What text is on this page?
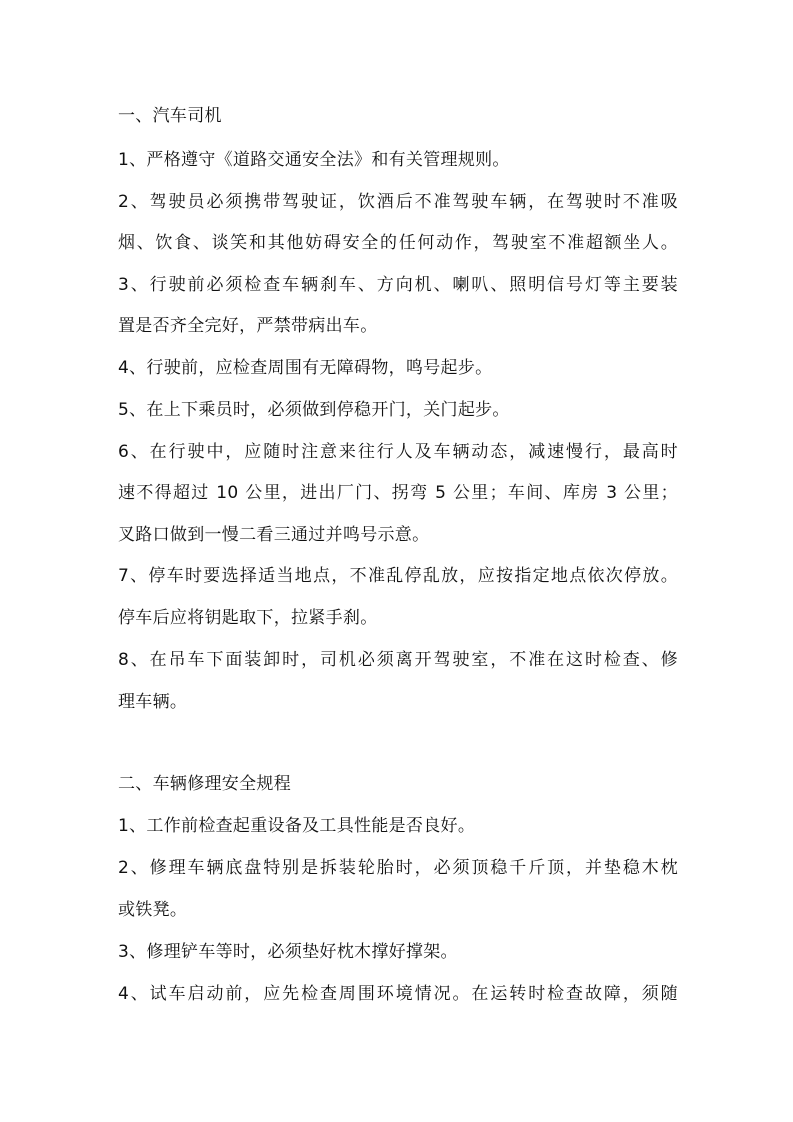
一、汽车司机
1、严格遵守《道路交通安全法》和有关管理规则。
2、驾驶员必须携带驾驶证，饮酒后不准驾驶车辆，在驾驶时不准吸
烟、饮食、谈笑和其他妨碍安全的任何动作，驾驶室不准超额坐人。
3、行驶前必须检查车辆刹车、方向机、喇叭、照明信号灯等主要装
置是否齐全完好，严禁带病出车。
4、行驶前，应检查周围有无障碍物，鸣号起步。
5、在上下乘员时，必须做到停稳开门，关门起步。
6、在行驶中，应随时注意来往行人及车辆动态，减速慢行，最高时
速不得超过 10 公里，进出厂门、拐弯 5 公里；车间、库房 3 公里；
叉路口做到一慢二看三通过并鸣号示意。
7、停车时要选择适当地点，不准乱停乱放，应按指定地点依次停放。
停车后应将钥匙取下，拉紧手刹。
8、在吊车下面装卸时，司机必须离开驾驶室，不准在这时检查、修
理车辆。
二、车辆修理安全规程
1、工作前检查起重设备及工具性能是否良好。
2、修理车辆底盘特别是拆装轮胎时，必须顶稳千斤顶，并垫稳木枕
或铁凳。
3、修理铲车等时，必须垫好枕木撑好撑架。
4、试车启动前，应先检查周围环境情况。在运转时检查故障，须随
